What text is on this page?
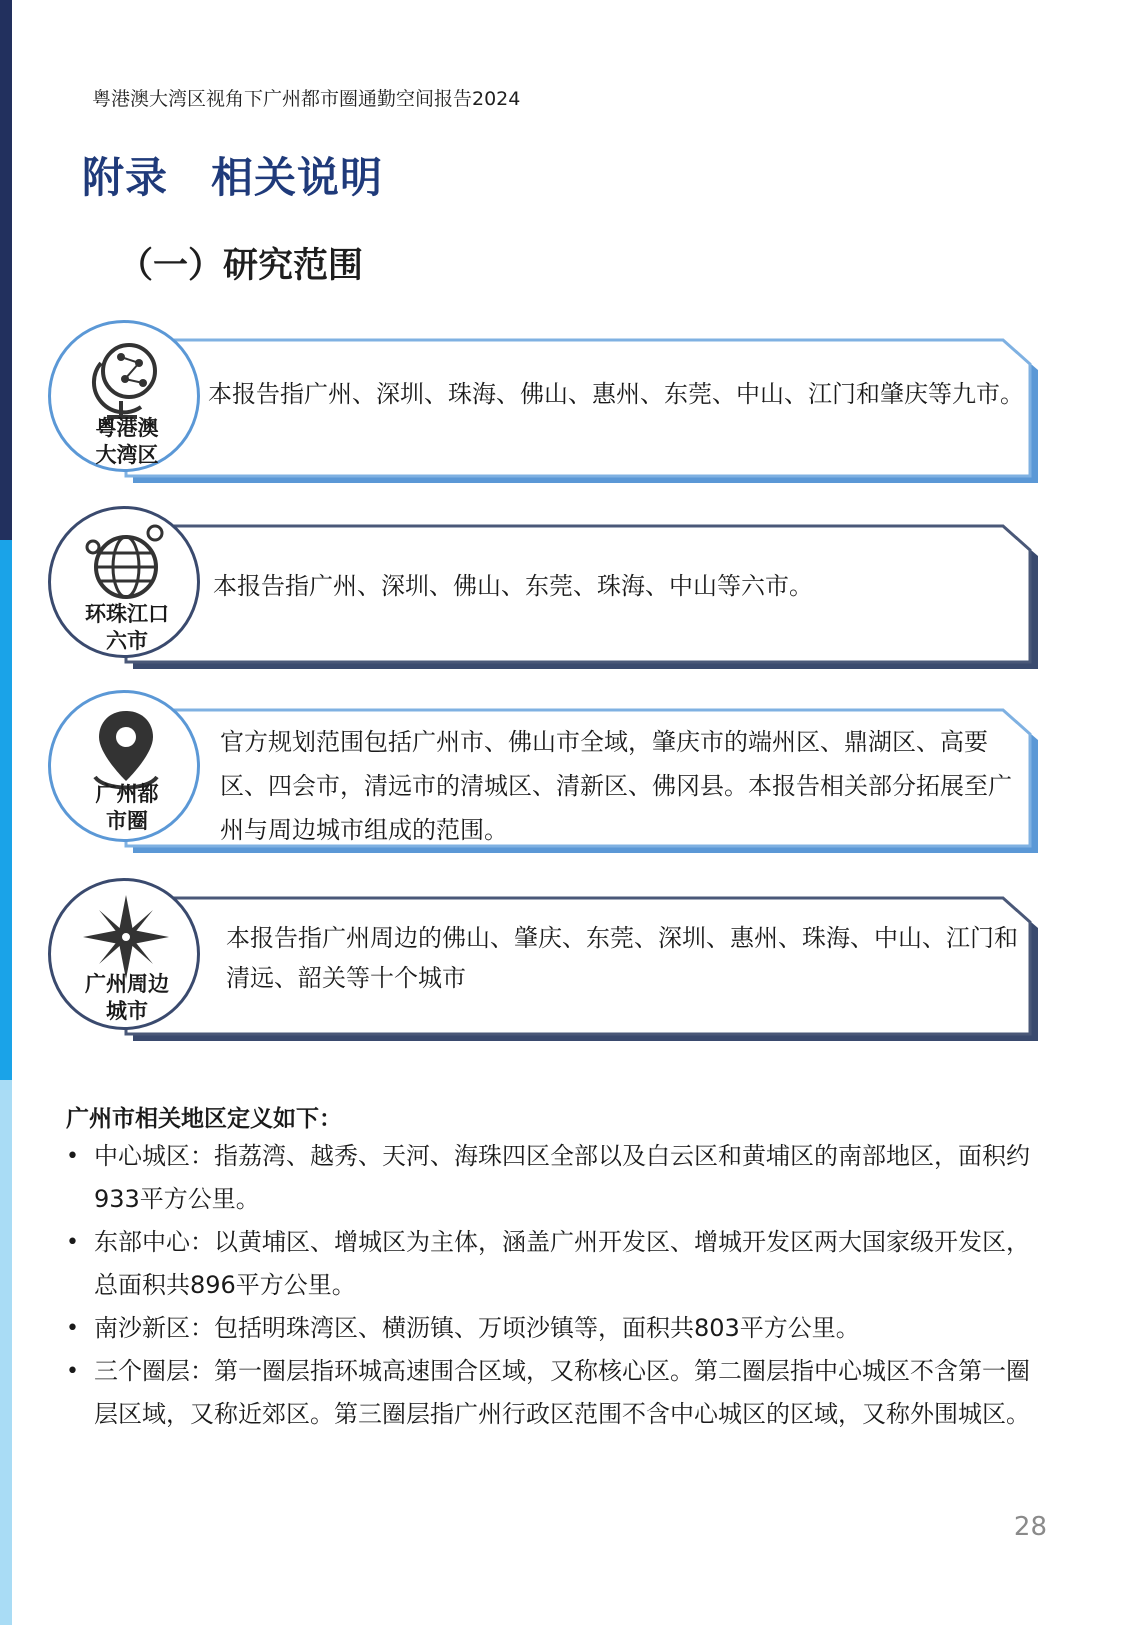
粤港澳大湾区视角下广州都市圈通勤空间报告2024
附录　相关说明
（一）研究范围
粤港澳
大湾区

本报告指广州、深圳、珠海、佛山、惠州、东莞、中山、江门和肇庆等九市。

环珠江口
六市

本报告指广州、深圳、佛山、东莞、珠海、中山等六市。

广州都
市圈

官方规划范围包括广州市、佛山市全域，肇庆市的端州区、鼎湖区、高要区、四会市，清远市的清城区、清新区、佛冈县。本报告相关部分拓展至广州与周边城市组成的范围。

广州周边
城市

本报告指广州周边的佛山、肇庆、东莞、深圳、惠州、珠海、中山、江门和清远、韶关等十个城市

广州市相关地区定义如下：
• 中心城区：指荔湾、越秀、天河、海珠四区全部以及白云区和黄埔区的南部地区，面积约933平方公里。
• 东部中心：以黄埔区、增城区为主体，涵盖广州开发区、增城开发区两大国家级开发区，总面积共896平方公里。
• 南沙新区：包括明珠湾区、横沥镇、万顷沙镇等，面积共803平方公里。
• 三个圈层：第一圈层指环城高速围合区域，又称核心区。第二圈层指中心城区不含第一圈层区域，又称近郊区。第三圈层指广州行政区范围不含中心城区的区域，又称外围城区。
28
